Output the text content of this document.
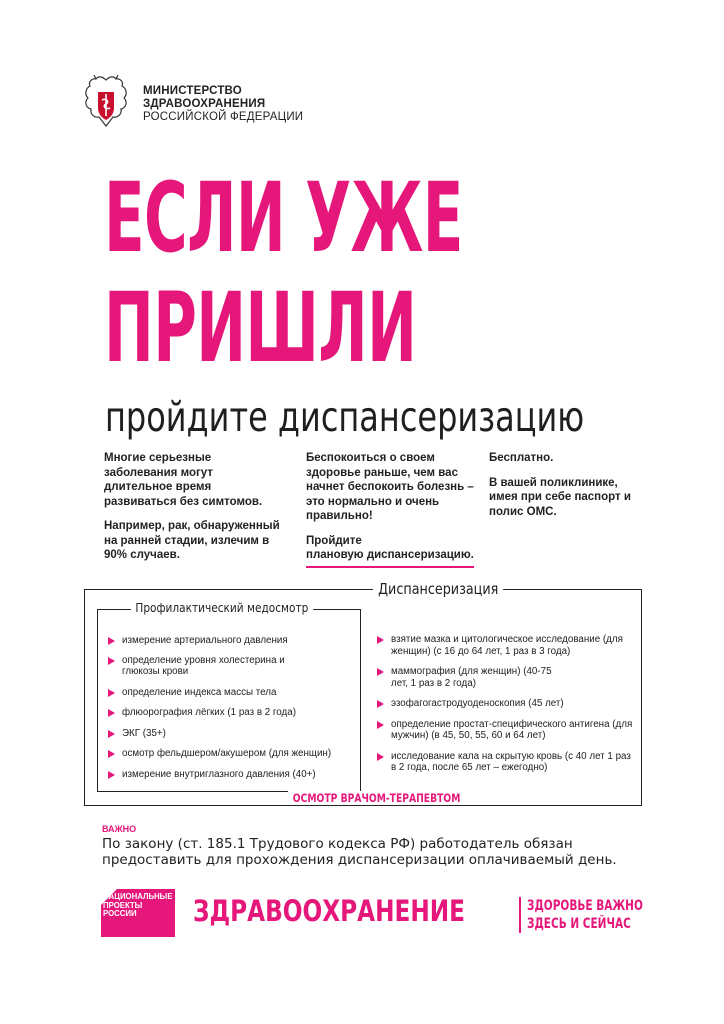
МИНИСТЕРСТВО
ЗДРАВООХРАНЕНИЯ
РОССИЙСКОЙ ФЕДЕРАЦИИ
ЕСЛИ УЖЕ
ПРИШЛИ
пройдите диспансеризацию

Многие серьезные заболевания могут длительное время развиваться без симтомов.

Например, рак, обнаруженный на ранней стадии, излечим в 90% случаев.

Беспокоиться о своем здоровье раньше, чем вас начнет беспокоить болезнь – это нормально и очень правильно!

Пройдите
плановую диспансеризацию.

Бесплатно.

В вашей поликлинике, имея при себе паспорт и полис ОМС.

Диспансеризация
Профилактический медосмотр
измерение артериального давления
определение уровня холестерина и глюкозы крови
определение индекса массы тела
флюорография лёгких (1 раз в 2 года)
ЭКГ (35+)
осмотр фельдшером/акушером (для женщин)
измерение внутриглазного давления (40+)
взятие мазка и цитологическое исследование (для женщин) (с 16 до 64 лет, 1 раз в 3 года)
маммография (для женщин) (40-75 лет, 1 раз в 2 года)
эзофагогастродуоденоскопия (45 лет)
определение простат-специфического антигена (для мужчин) (в 45, 50, 55, 60 и 64 лет)
исследование кала на скрытую кровь (с 40 лет 1 раз в 2 года, после 65 лет – ежегодно)
ОСМОТР ВРАЧОМ-ТЕРАПЕВТОМ
ВАЖНО
По закону (ст. 185.1 Трудового кодекса РФ) работодатель обязан предоставить для прохождения диспансеризации оплачиваемый день.
НАЦИОНАЛЬНЫЕ
ПРОЕКТЫ
РОССИИ	ЗДРАВООХРАНЕНИЕ	ЗДОРОВЬЕ ВАЖНО
ЗДЕСЬ И СЕЙЧАС
